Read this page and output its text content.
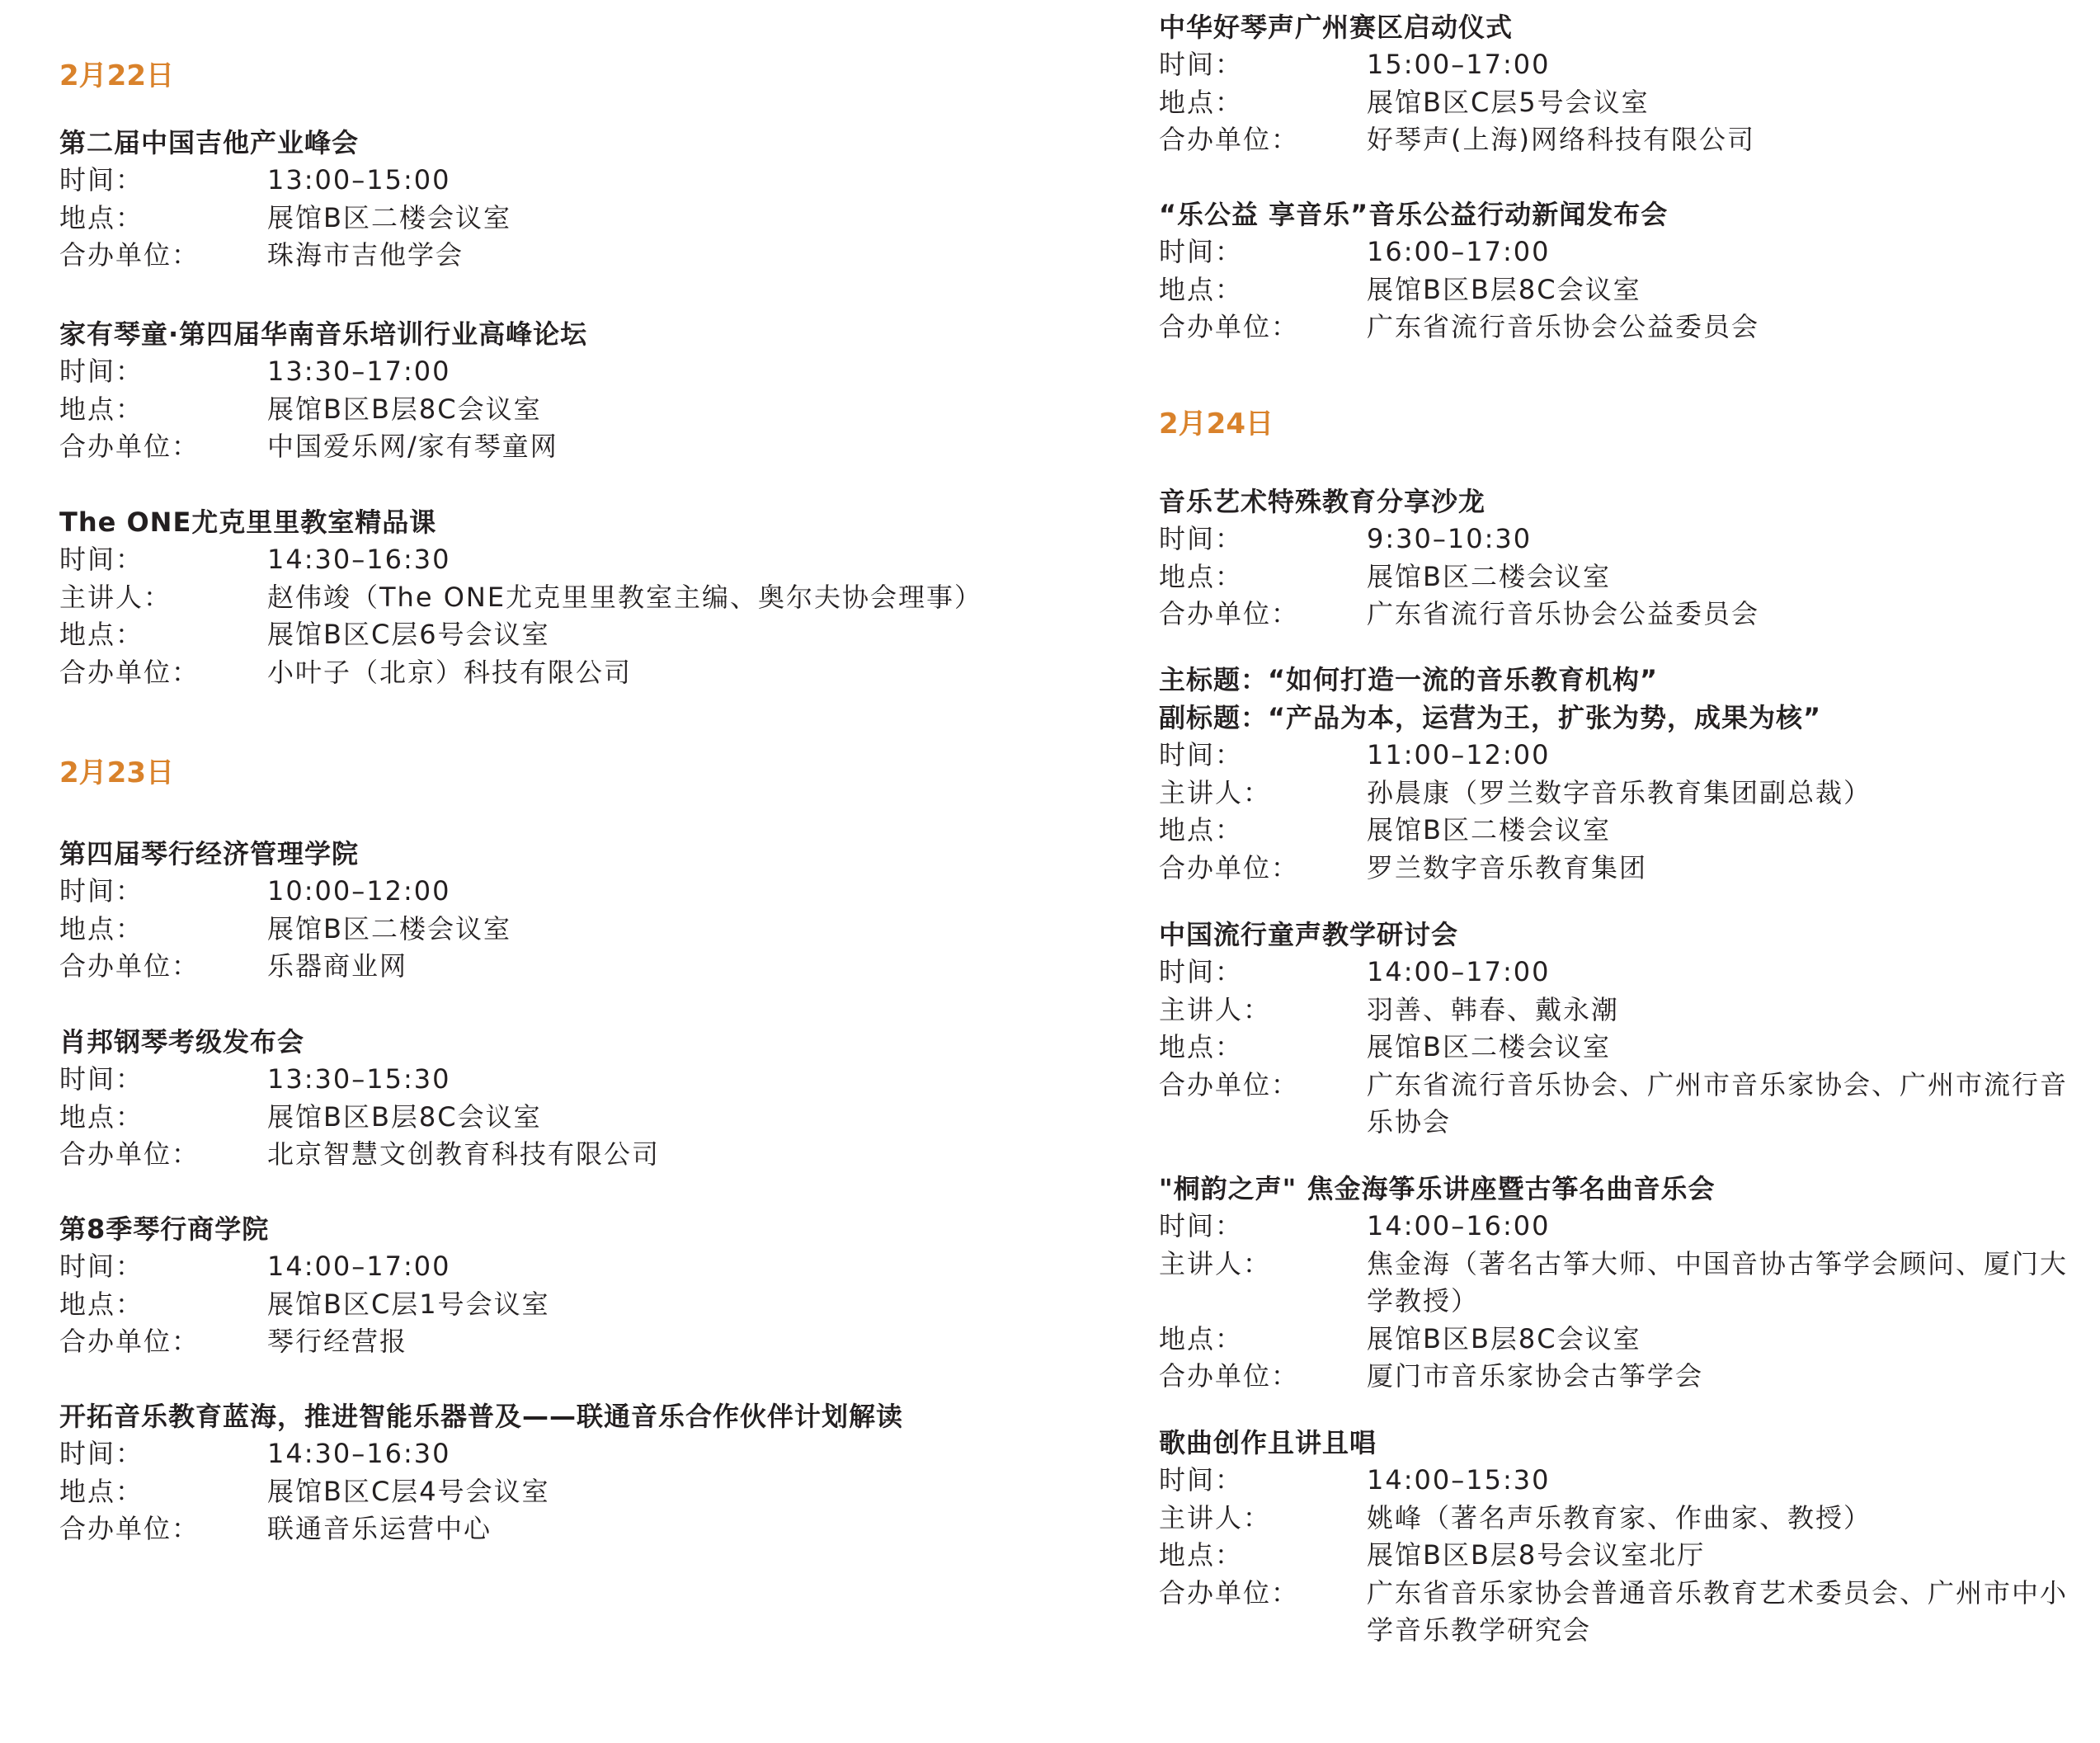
2月22日
第二届中国吉他产业峰会
时间：	13:00–15:00
地点：	展馆B区二楼会议室
合办单位：	珠海市吉他学会
家有琴童·第四届华南音乐培训行业高峰论坛
时间：	13:30–17:00
地点：	展馆B区B层8C会议室
合办单位：	中国爱乐网/家有琴童网
The ONE尤克里里教室精品课
时间：	14:30–16:30
主讲人：	赵伟竣（The ONE尤克里里教室主编、奥尔夫协会理事）
地点：	展馆B区C层6号会议室
合办单位：	小叶子（北京）科技有限公司
2月23日
第四届琴行经济管理学院
时间：	10:00–12:00
地点：	展馆B区二楼会议室
合办单位：	乐器商业网
肖邦钢琴考级发布会
时间：	13:30–15:30
地点：	展馆B区B层8C会议室
合办单位：	北京智慧文创教育科技有限公司
第8季琴行商学院
时间：	14:00–17:00
地点：	展馆B区C层1号会议室
合办单位：	琴行经营报
开拓音乐教育蓝海，推进智能乐器普及——联通音乐合作伙伴计划解读
时间：	14:30–16:30
地点：	展馆B区C层4号会议室
合办单位：	联通音乐运营中心
中华好琴声广州赛区启动仪式
时间：	15:00–17:00
地点：	展馆B区C层5号会议室
合办单位：	好琴声(上海)网络科技有限公司
“乐公益 享音乐”音乐公益行动新闻发布会
时间：	16:00–17:00
地点：	展馆B区B层8C会议室
合办单位：	广东省流行音乐协会公益委员会
2月24日
音乐艺术特殊教育分享沙龙
时间：	9:30–10:30
地点：	展馆B区二楼会议室
合办单位：	广东省流行音乐协会公益委员会
主标题：“如何打造一流的音乐教育机构”
副标题：“产品为本，运营为王，扩张为势，成果为核”
时间：	11:00–12:00
主讲人：	孙晨康（罗兰数字音乐教育集团副总裁）
地点：	展馆B区二楼会议室
合办单位：	罗兰数字音乐教育集团
中国流行童声教学研讨会
时间：	14:00–17:00
主讲人：	羽善、韩春、戴永潮
地点：	展馆B区二楼会议室
合办单位：	广东省流行音乐协会、广州市音乐家协会、广州市流行音乐协会
"桐韵之声" 焦金海筝乐讲座暨古筝名曲音乐会
时间：	14:00–16:00
主讲人：	焦金海（著名古筝大师、中国音协古筝学会顾问、厦门大学教授）
地点：	展馆B区B层8C会议室
合办单位：	厦门市音乐家协会古筝学会
歌曲创作且讲且唱
时间：	14:00–15:30
主讲人：	姚峰（著名声乐教育家、作曲家、教授）
地点：	展馆B区B层8号会议室北厅
合办单位：	广东省音乐家协会普通音乐教育艺术委员会、广州市中小学音乐教学研究会
